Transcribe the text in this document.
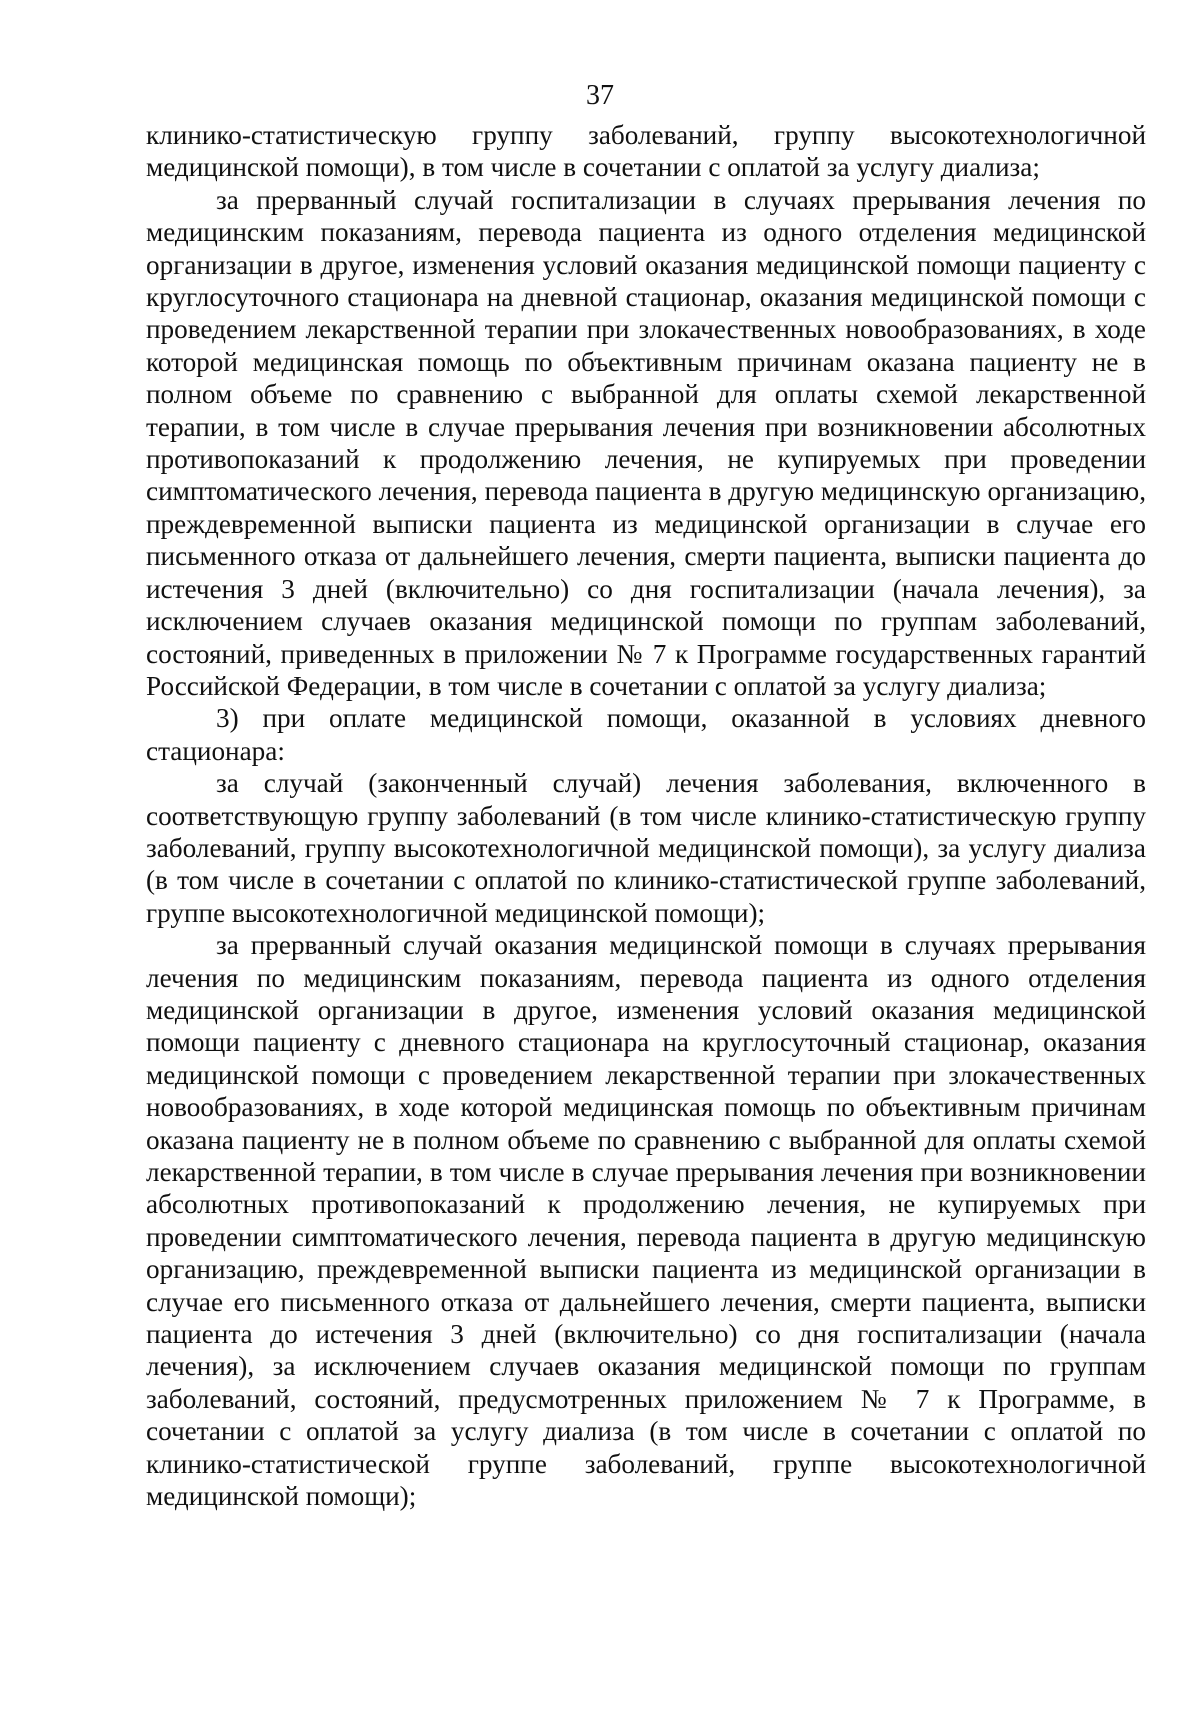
37

клинико-статистическую группу заболеваний, группу высокотехнологичной медицинской помощи), в том числе в сочетании с оплатой за услугу диализа;

за прерванный случай госпитализации в случаях прерывания лечения по медицинским показаниям, перевода пациента из одного отделения медицинской организации в другое, изменения условий оказания медицинской помощи пациенту с круглосуточного стационара на дневной стационар, оказания медицинской помощи с проведением лекарственной терапии при злокачественных новообразованиях, в ходе которой медицинская помощь по объективным причинам оказана пациенту не в полном объеме по сравнению с выбранной для оплаты схемой лекарственной терапии, в том числе в случае прерывания лечения при возникновении абсолютных противопоказаний к продолжению лечения, не купируемых при проведении симптоматического лечения, перевода пациента в другую медицинскую организацию, преждевременной выписки пациента из медицинской организации в случае его письменного отказа от дальнейшего лечения, смерти пациента, выписки пациента до истечения 3 дней (включительно) со дня госпитализации (начала лечения), за исключением случаев оказания медицинской помощи по группам заболеваний, состояний, приведенных в приложении № 7 к Программе государственных гарантий Российской Федерации, в том числе в сочетании с оплатой за услугу диализа;

3) при оплате медицинской помощи, оказанной в условиях дневного стационара:

за случай (законченный случай) лечения заболевания, включенного в соответствующую группу заболеваний (в том числе клинико-статистическую группу заболеваний, группу высокотехнологичной медицинской помощи), за услугу диализа (в том числе в сочетании с оплатой по клинико-статистической группе заболеваний, группе высокотехнологичной медицинской помощи);

за прерванный случай оказания медицинской помощи в случаях прерывания лечения по медицинским показаниям, перевода пациента из одного отделения медицинской организации в другое, изменения условий оказания медицинской помощи пациенту с дневного стационара на круглосуточный стационар, оказания медицинской помощи с проведением лекарственной терапии при злокачественных новообразованиях, в ходе которой медицинская помощь по объективным причинам оказана пациенту не в полном объеме по сравнению с выбранной для оплаты схемой лекарственной терапии, в том числе в случае прерывания лечения при возникновении абсолютных противопоказаний к продолжению лечения, не купируемых при проведении симптоматического лечения, перевода пациента в другую медицинскую организацию, преждевременной выписки пациента из медицинской организации в случае его письменного отказа от дальнейшего лечения, смерти пациента, выписки пациента до истечения 3 дней (включительно) со дня госпитализации (начала лечения), за исключением случаев оказания медицинской помощи по группам заболеваний, состояний, предусмотренных приложением № 7 к Программе, в сочетании с оплатой за услугу диализа (в том числе в сочетании с оплатой по клинико-статистической группе заболеваний, группе высокотехнологичной медицинской помощи);
